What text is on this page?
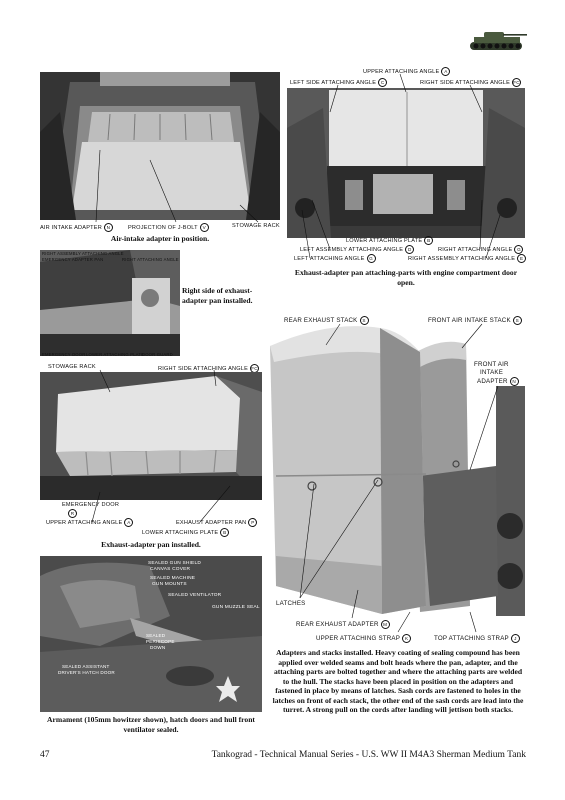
AIR INTAKE ADAPTER N	PROJECTION OF J-BOLT V	STOWAGE RACK
Air-intake adapter in position.
UPPER ATTACHING ANGLE A
LEFT SIDE ATTACHING ANGLE C	RIGHT SIDE ATTACHING ANGLE FC
LOWER ATTACHING PLATE B
LEFT ASSEMBLY ATTACHING ANGLE D	RIGHT ATTACHING ANGLE G
LEFT ATTACHING ANGLE G	RIGHT ASSEMBLY ATTACHING ANGLE E
Exhaust-adapter pan attaching-parts with engine compartment door open.
RIGHT ASSEMBLY ATTACHING ANGLE
EMERGENCY ADAPTER PAN	RIGHT ATTACHING ANGLE
EMERGENCY DOOR LOWER ATTACHING PLATE
DOOR GUARD
Right side of exhaust-adapter pan installed.
STOWAGE RACK	RIGHT SIDE ATTACHING ANGLE FC
EMERGENCY DOOR
R
UPPER ATTACHING ANGLE A	EXHAUST ADAPTER PAN P
LOWER ATTACHING PLATE B
Exhaust-adapter pan installed.
SEALED GUN SHIELD
CANVAS COVER
SEALED MACHINE
GUN MOUNTS
SEALED VENTILATOR
GUN MUZZLE SEAL
SEALED
PERISCOPE
DOWN
SEALED ASSISTANT
DRIVER'S HATCH DOOR
Armament (105mm howitzer shown), hatch doors and hull front ventilator sealed.
REAR EXHAUST STACK S	FRONT AIR INTAKE STACK S
FRONT AIR
INTAKE
ADAPTER N
LATCHES
REAR EXHAUST ADAPTER M
UPPER ATTACHING STRAP K	TOP ATTACHING STRAP J
Adapters and stacks installed. Heavy coating of sealing compound has been applied over welded seams and bolt heads where the pan, adapter, and the attaching parts are bolted together and where the attaching parts are welded to the hull. The stacks have been placed in position on the adapters and fastened in place by means of latches. Sash cords are fastened to holes in the latches on front of each stack, the other end of the sash cords are lead into the turret. A strong pull on the cords after landing will jettison both stacks.
47	Tankograd - Technical Manual Series - U.S. WW II M4A3 Sherman Medium Tank
